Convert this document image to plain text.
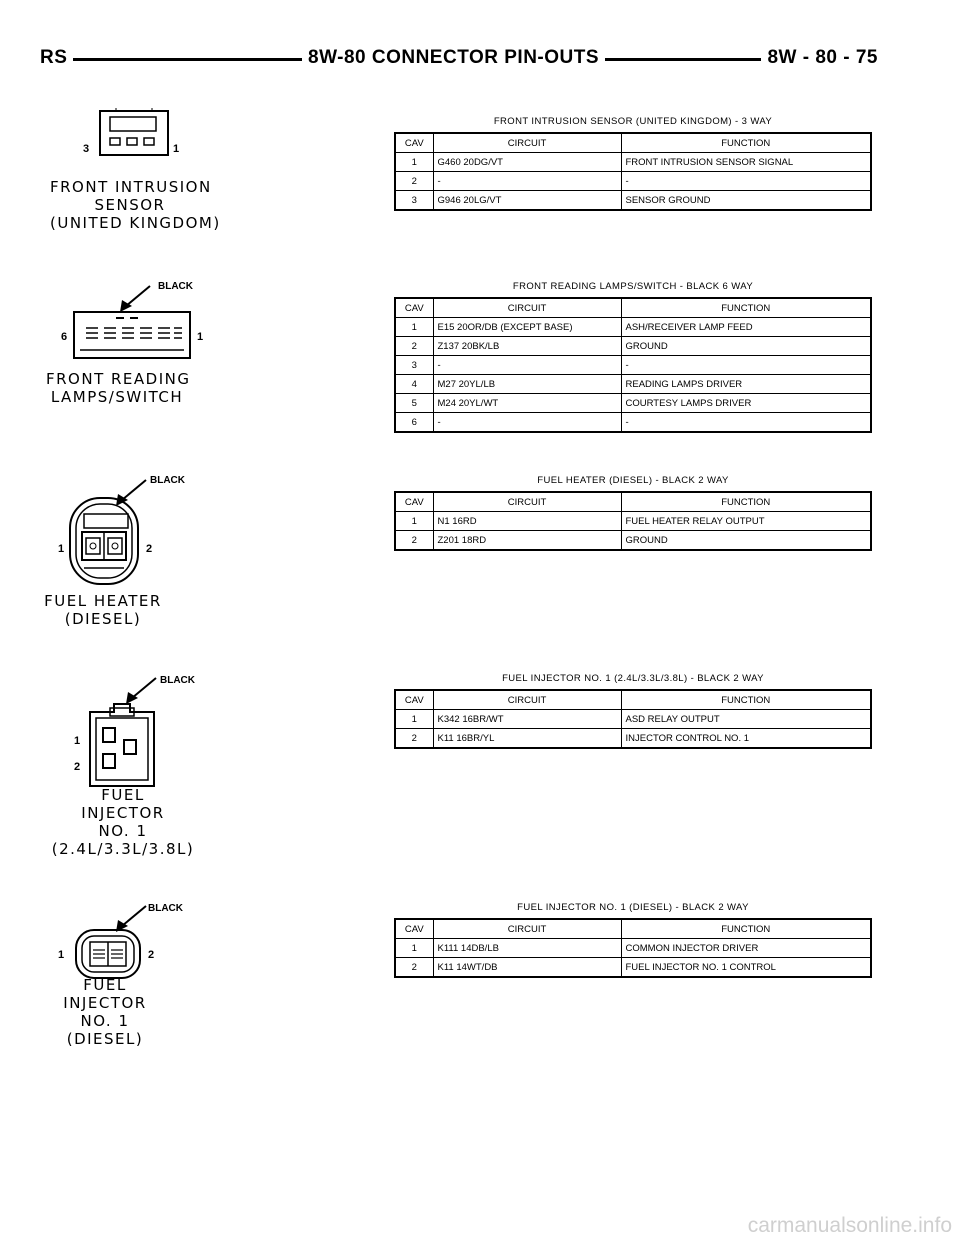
RS	8W-80 CONNECTOR PIN-OUTS	8W - 80 - 75
3	1
FRONT INTRUSION
SENSOR
(UNITED KINGDOM)
FRONT INTRUSION SENSOR (UNITED KINGDOM) - 3 WAY
CAV	CIRCUIT	FUNCTION
1	G460 20DG/VT	FRONT INTRUSION SENSOR SIGNAL
2	-	-
3	G946 20LG/VT	SENSOR GROUND
BLACK
6	1
FRONT READING
LAMPS/SWITCH
FRONT READING LAMPS/SWITCH - BLACK 6 WAY
CAV	CIRCUIT	FUNCTION
1	E15 20OR/DB (EXCEPT BASE)	ASH/RECEIVER LAMP FEED
2	Z137 20BK/LB	GROUND
3	-	-
4	M27 20YL/LB	READING LAMPS DRIVER
5	M24 20YL/WT	COURTESY LAMPS DRIVER
6	-	-
BLACK
1	2
FUEL HEATER
(DIESEL)
FUEL HEATER (DIESEL) - BLACK 2 WAY
CAV	CIRCUIT	FUNCTION
1	N1 16RD	FUEL HEATER RELAY OUTPUT
2	Z201 18RD	GROUND
BLACK
1
2
FUEL
INJECTOR
NO. 1
(2.4L/3.3L/3.8L)
FUEL INJECTOR NO. 1 (2.4L/3.3L/3.8L) - BLACK 2 WAY
CAV	CIRCUIT	FUNCTION
1	K342 16BR/WT	ASD RELAY OUTPUT
2	K11 16BR/YL	INJECTOR CONTROL NO. 1
BLACK
1	2
FUEL
INJECTOR
NO. 1
(DIESEL)
FUEL INJECTOR NO. 1 (DIESEL) - BLACK 2 WAY
CAV	CIRCUIT	FUNCTION
1	K111 14DB/LB	COMMON INJECTOR DRIVER
2	K11 14WT/DB	FUEL INJECTOR NO. 1 CONTROL
carmanualsonline.info
